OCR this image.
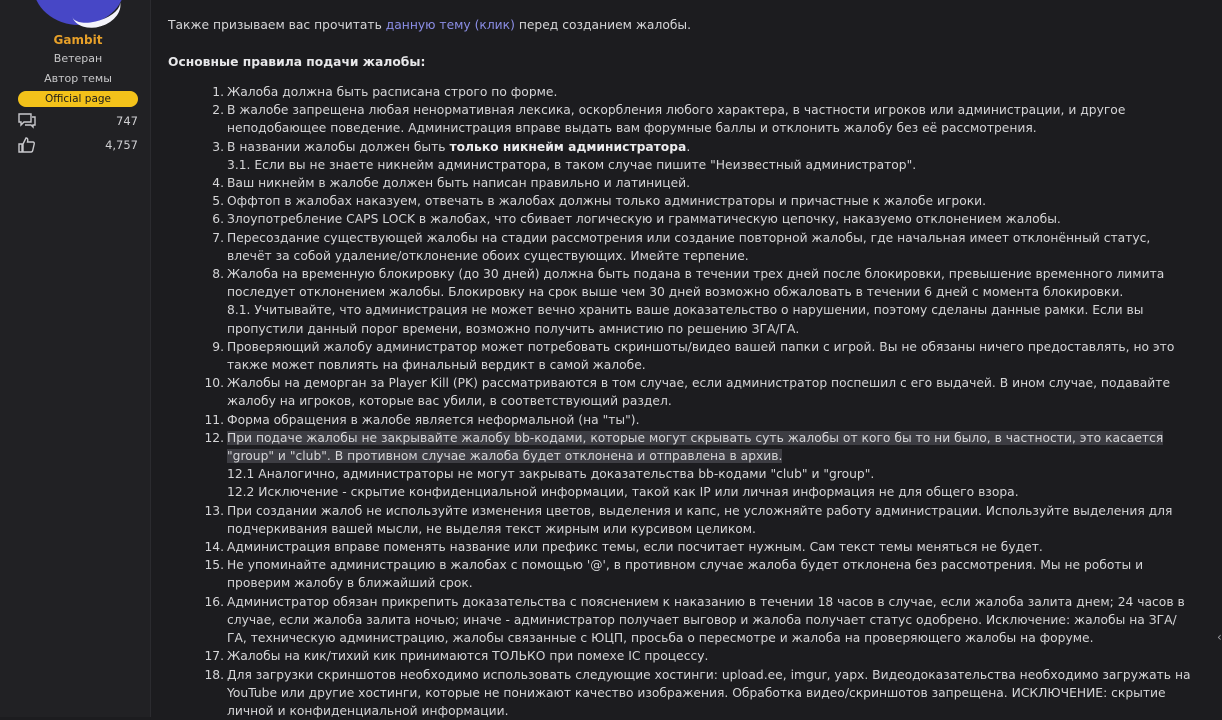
Gambit
Ветеран
Автор темы
Official page
747
4,757
Также призываем вас прочитать данную тему (клик) перед созданием жалобы.
Основные правила подачи жалобы:
1. Жалоба должна быть расписана строго по форме.
2. В жалобе запрещена любая ненормативная лексика, оскорбления любого характера, в частности игроков или администрации, и другое неподобающее поведение. Администрация вправе выдать вам форумные баллы и отклонить жалобу без её рассмотрения.
3. В названии жалобы должен быть только никнейм администратора.
3.1. Если вы не знаете никнейм администратора, в таком случае пишите "Неизвестный администратор".
4. Ваш никнейм в жалобе должен быть написан правильно и латиницей.
5. Оффтоп в жалобах наказуем, отвечать в жалобах должны только администраторы и причастные к жалобе игроки.
6. Злоупотребление CAPS LOCK в жалобах, что сбивает логическую и грамматическую цепочку, наказуемо отклонением жалобы.
7. Пересоздание существующей жалобы на стадии рассмотрения или создание повторной жалобы, где начальная имеет отклонённый статус, влечёт за собой удаление/отклонение обоих существующих. Имейте терпение.
8. Жалоба на временную блокировку (до 30 дней) должна быть подана в течении трех дней после блокировки, превышение временного лимита последует отклонением жалобы. Блокировку на срок выше чем 30 дней возможно обжаловать в течении 6 дней с момента блокировки.
8.1. Учитывайте, что администрация не может вечно хранить ваше доказательство о нарушении, поэтому сделаны данные рамки. Если вы пропустили данный порог времени, возможно получить амнистию по решению ЗГА/ГА.
9. Проверяющий жалобу администратор может потребовать скриншоты/видео вашей папки с игрой. Вы не обязаны ничего предоставлять, но это также может повлиять на финальный вердикт в самой жалобе.
10. Жалобы на деморган за Player Kill (PK) рассматриваются в том случае, если администратор поспешил с его выдачей. В ином случае, подавайте жалобу на игроков, которые вас убили, в соответствующий раздел.
11. Форма обращения в жалобе является неформальной (на "ты").
12. При подаче жалобы не закрывайте жалобу bb-кодами, которые могут скрывать суть жалобы от кого бы то ни было, в частности, это касается "group" и "club". В противном случае жалоба будет отклонена и отправлена в архив.
12.1 Аналогично, администраторы не могут закрывать доказательства bb-кодами "club" и "group".
12.2 Исключение - скрытие конфиденциальной информации, такой как IP или личная информация не для общего взора.
13. При создании жалоб не используйте изменения цветов, выделения и капс, не усложняйте работу администрации. Используйте выделения для подчеркивания вашей мысли, не выделяя текст жирным или курсивом целиком.
14. Администрация вправе поменять название или префикс темы, если посчитает нужным. Сам текст темы меняться не будет.
15. Не упоминайте администрацию в жалобах с помощью '@', в противном случае жалоба будет отклонена без рассмотрения. Мы не роботы и проверим жалобу в ближайший срок.
16. Администратор обязан прикрепить доказательства с пояснением к наказанию в течении 18 часов в случае, если жалоба залита днем; 24 часов в случае, если жалоба залита ночью; иначе - администратор получает выговор и жалоба получает статус одобрено. Исключение: жалобы на ЗГА/ГА, техническую администрацию, жалобы связанные с ЮЦП, просьба о пересмотре и жалоба на проверяющего жалобы на форуме.
17. Жалобы на кик/тихий кик принимаются ТОЛЬКО при помехе IC процессу.
18. Для загрузки скриншотов необходимо использовать следующие хостинги: upload.ee, imgur, yapx. Видеодоказательства необходимо загружать на YouTube или другие хостинги, которые не понижают качество изображения. Обработка видео/скриншотов запрещена. ИСКЛЮЧЕНИЕ: скрытие личной и конфиденциальной информации.
‹
